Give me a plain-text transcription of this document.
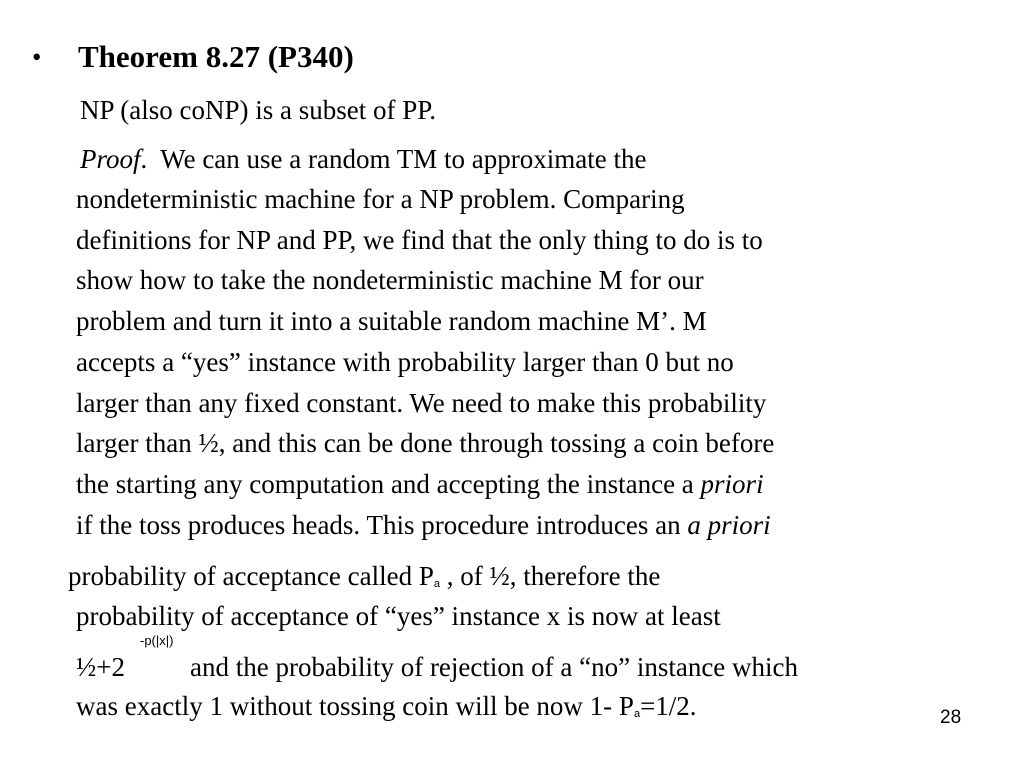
• Theorem 8.27 (P340)
NP (also coNP) is a subset of PP.
Proof.  We can use a random TM to approximate the
nondeterministic machine for a NP problem. Comparing
definitions for NP and PP, we find that the only thing to do is to
show how to take the nondeterministic machine M for our
problem and turn it into a suitable random machine M’. M
accepts a “yes” instance with probability larger than 0 but no
larger than any fixed constant. We need to make this probability
larger than ½, and this can be done through tossing a coin before
the starting any computation and accepting the instance a priori
if the toss produces heads. This procedure introduces an a priori
probability of acceptance called Pa , of ½, therefore the
probability of acceptance of “yes” instance x is now at least
-p(|x|)
½+2 and the probability of rejection of a “no” instance which
was exactly 1 without tossing coin will be now 1- Pa=1/2.	28
